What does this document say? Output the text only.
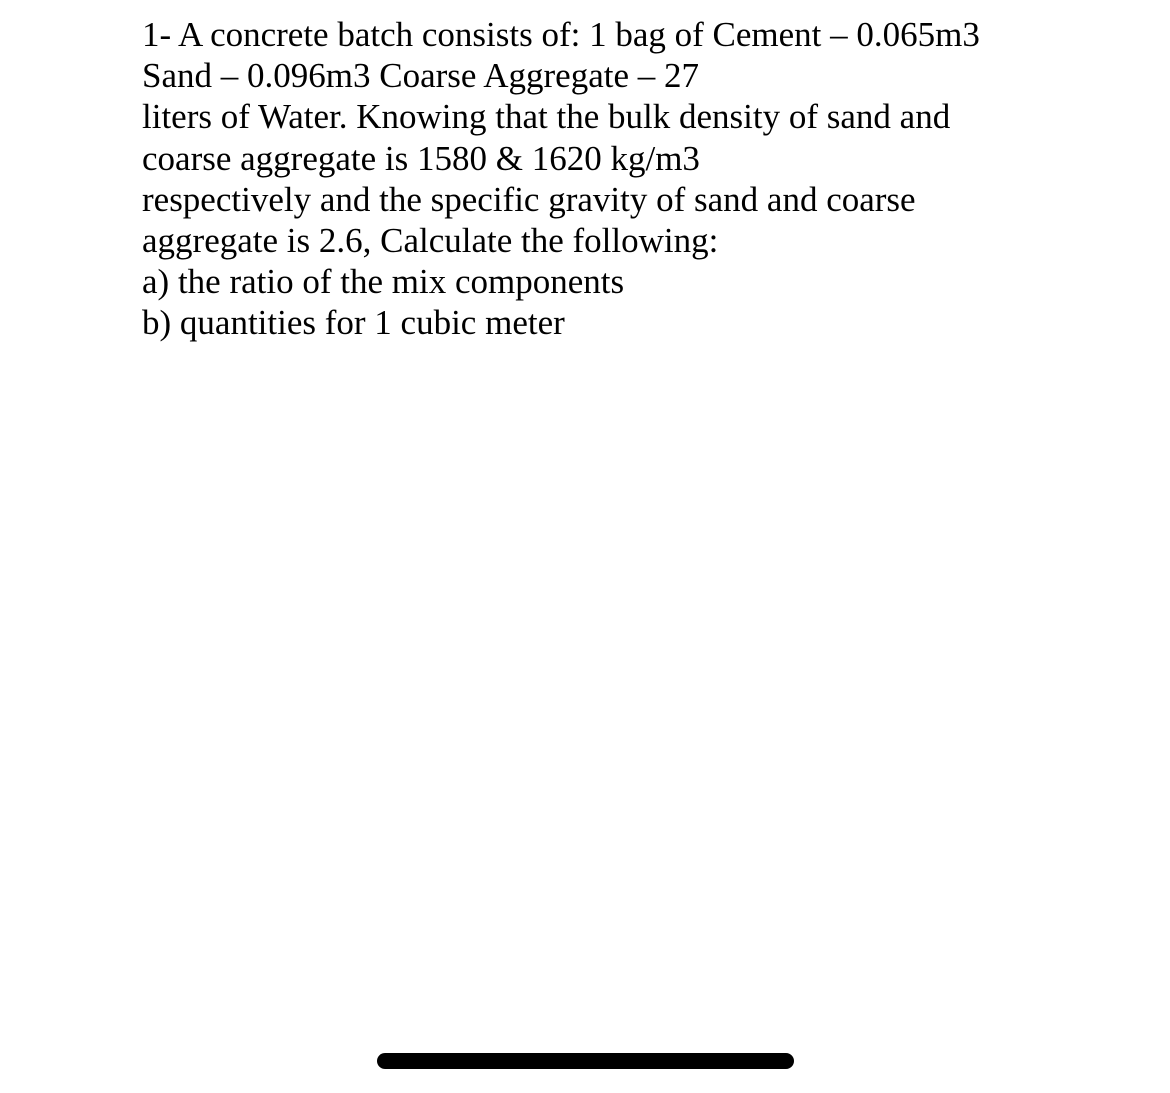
1- A concrete batch consists of: 1 bag of Cement – 0.065m3
Sand – 0.096m3 Coarse Aggregate – 27
liters of Water. Knowing that the bulk density of sand and
coarse aggregate is 1580 & 1620 kg/m3
respectively and the specific gravity of sand and coarse
aggregate is 2.6, Calculate the following:
a) the ratio of the mix components
b) quantities for 1 cubic meter
